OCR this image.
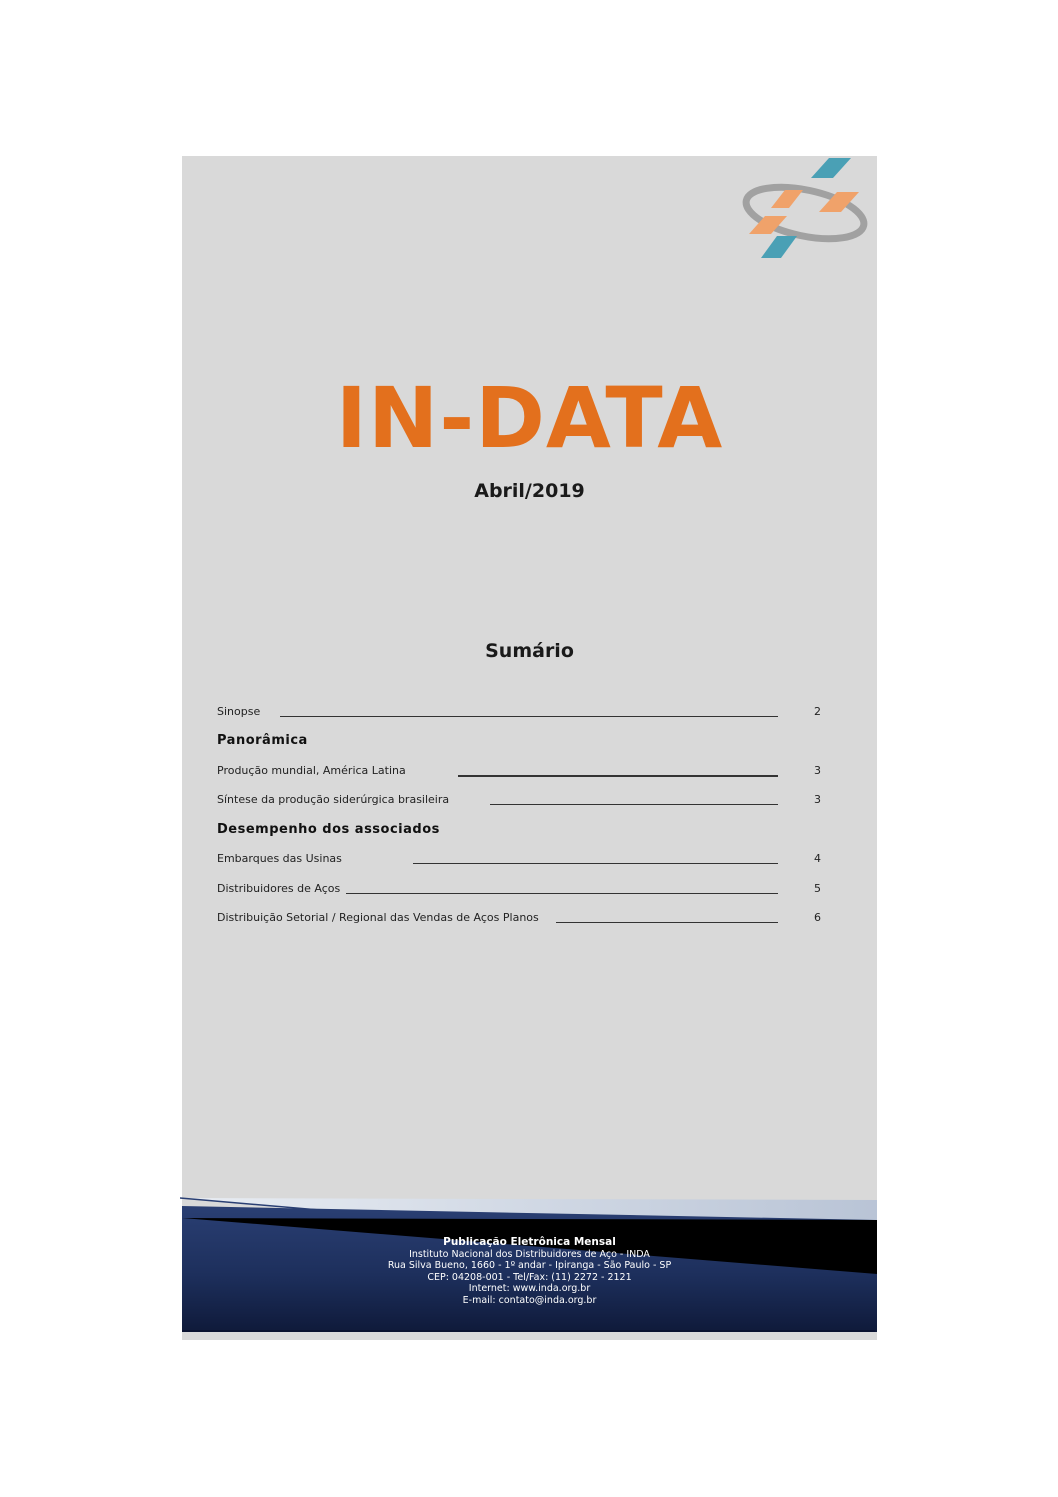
IN-DATA
Abril/2019
Sumário
Sinopse	2
Panorâmica
Produção mundial, América Latina	3
Síntese da produção siderúrgica brasileira	3
Desempenho dos associados
Embarques das Usinas	4
Distribuidores de Aços	5
Distribuição Setorial / Regional das Vendas de Aços Planos	6
Publicação Eletrônica Mensal
Instituto Nacional dos Distribuidores de Aço - INDA
Rua Silva Bueno, 1660 - 1º andar - Ipiranga - São Paulo - SP
CEP: 04208-001 - Tel/Fax: (11) 2272 - 2121
Internet: www.inda.org.br
E-mail: contato@inda.org.br
